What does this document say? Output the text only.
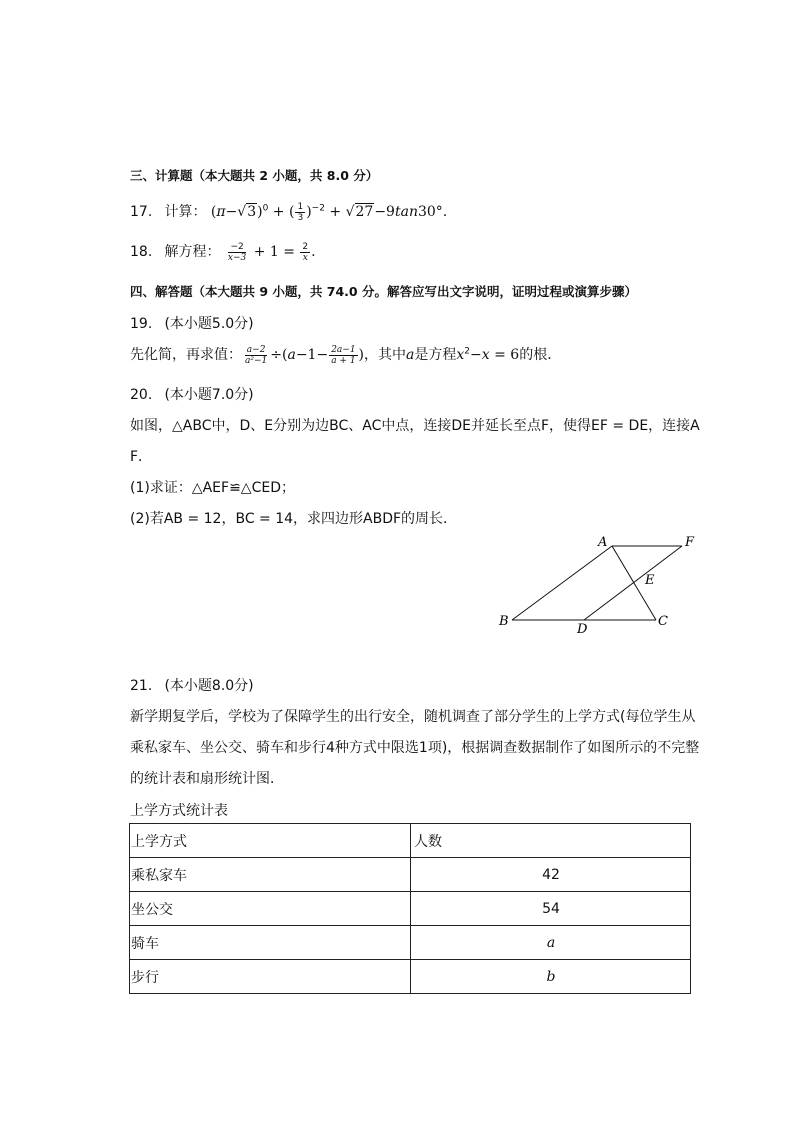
三、计算题（本大题共 2 小题，共 8.0 分）
17. 计算： $(\pi-√3)^0$ + ( $\frac{1}{3} )^{-2} + √27-9\tan 30^\circ$.
18. 解方程： $\frac{-2}{x-3} + 1 = \frac{2}{x}$ .
四、解答题（本大题共 9 小题，共 74.0 分。解答应写出文字说明，证明过程或演算步骤）
19. (本小题5.0分)
先化简，再求值： $\frac{a-2}{\text{a²−1}} \div(a-1- \frac{2a-1}{a + 1}$ )，其中a是方程$x^2-x = 6$的根．
20. (本小题7.0分)
如图，△ABC中，D、E分别为边BC、AC中点，连接DE并延长至点F，使得EF = DE，连接A
F．
(1)求证：△AEF≌△CED；
(2)若AB = 12，BC = 14，求四边形ABDF的周长．
A	F
E
B
D
C
21. (本小题8.0分)
新学期复学后，学校为了保障学生的出行安全，随机调查了部分学生的上学方式(每位学生从
乘私家车、坐公交、骑车和步行4种方式中限选1项)，根据调查数据制作了如图所示的不完整
的统计表和扇形统计图．
上学方式统计表
上学方式	人数
乘私家车	42
坐公交	54
骑车	a
步行	b
